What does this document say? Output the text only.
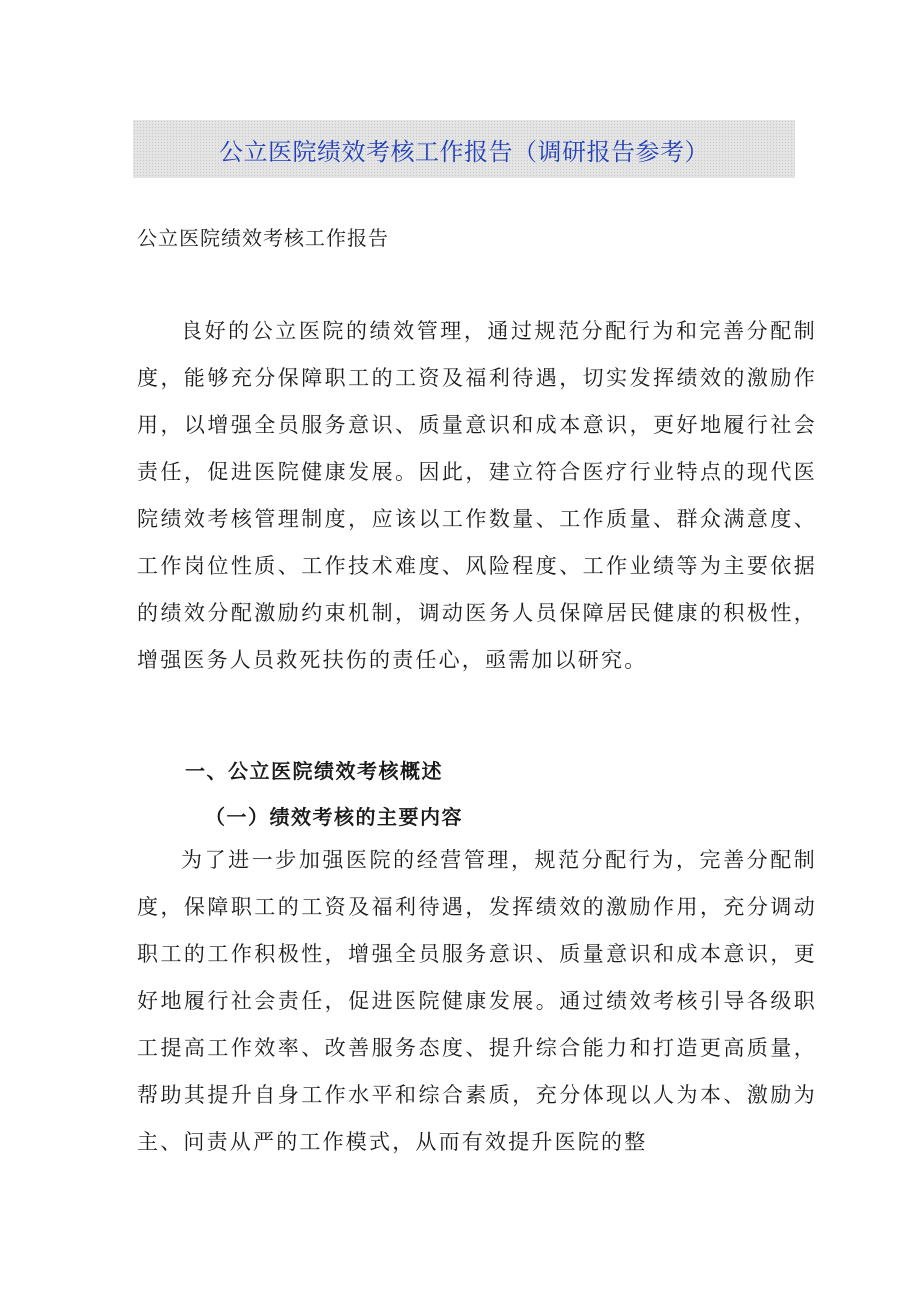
公立医院绩效考核工作报告（调研报告参考）
公立医院绩效考核工作报告

良好的公立医院的绩效管理，通过规范分配行为和完善分配制度，能够充分保障职工的工资及福利待遇，切实发挥绩效的激励作用，以增强全员服务意识、质量意识和成本意识，更好地履行社会责任，促进医院健康发展。因此，建立符合医疗行业特点的现代医院绩效考核管理制度，应该以工作数量、工作质量、群众满意度、工作岗位性质、工作技术难度、风险程度、工作业绩等为主要依据的绩效分配激励约束机制，调动医务人员保障居民健康的积极性，增强医务人员救死扶伤的责任心，亟需加以研究。

一、公立医院绩效考核概述
（一）绩效考核的主要内容

为了进一步加强医院的经营管理，规范分配行为，完善分配制度，保障职工的工资及福利待遇，发挥绩效的激励作用，充分调动职工的工作积极性，增强全员服务意识、质量意识和成本意识，更好地履行社会责任，促进医院健康发展。通过绩效考核引导各级职工提高工作效率、改善服务态度、提升综合能力和打造更高质量，帮助其提升自身工作水平和综合素质，充分体现以人为本、激励为主、问责从严的工作模式，从而有效提升医院的整
